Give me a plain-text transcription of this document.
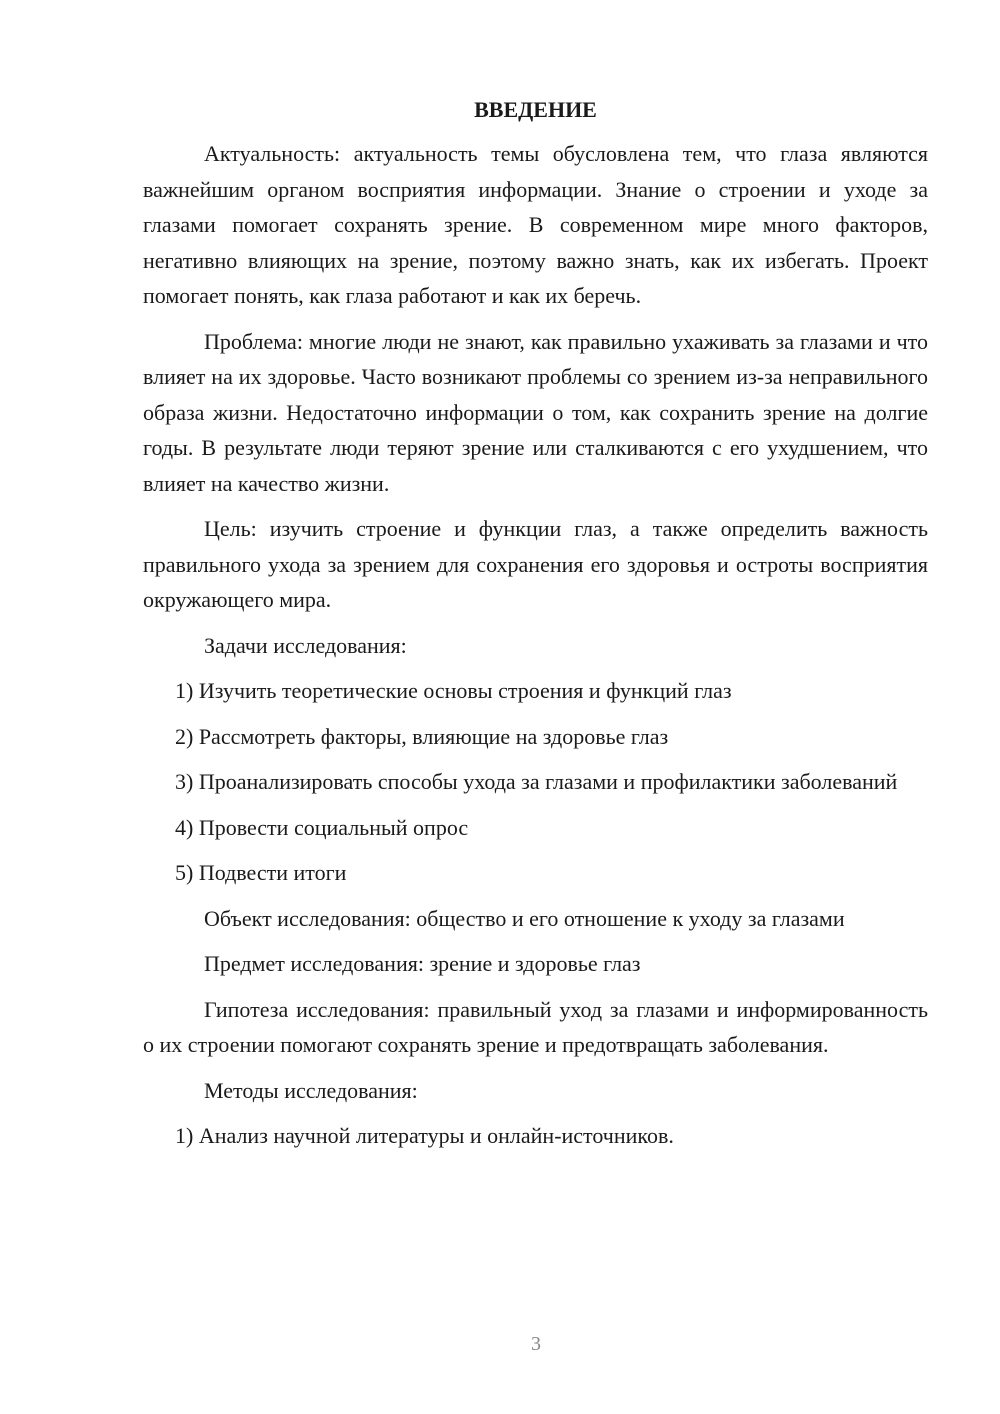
ВВЕДЕНИЕ
Актуальность: актуальность темы обусловлена тем, что глаза являются важнейшим органом восприятия информации. Знание о строении и уходе за глазами помогает сохранять зрение. В современном мире много факторов, негативно влияющих на зрение, поэтому важно знать, как их избегать. Проект помогает понять, как глаза работают и как их беречь.
Проблема: многие люди не знают, как правильно ухаживать за глазами и что влияет на их здоровье. Часто возникают проблемы со зрением из-за неправильного образа жизни. Недостаточно информации о том, как сохранить зрение на долгие годы. В результате люди теряют зрение или сталкиваются с его ухудшением, что влияет на качество жизни.
Цель: изучить строение и функции глаз, а также определить важность правильного ухода за зрением для сохранения его здоровья и остроты восприятия окружающего мира.
Задачи исследования:
1) Изучить теоретические основы строения и функций глаз
2) Рассмотреть факторы, влияющие на здоровье глаз
3) Проанализировать способы ухода за глазами и профилактики заболеваний
4) Провести социальный опрос
5) Подвести итоги
Объект исследования: общество и его отношение к уходу за глазами
Предмет исследования: зрение и здоровье глаз
Гипотеза исследования: правильный уход за глазами и информированность о их строении помогают сохранять зрение и предотвращать заболевания.
Методы исследования:
1) Анализ научной литературы и онлайн-источников.
3
